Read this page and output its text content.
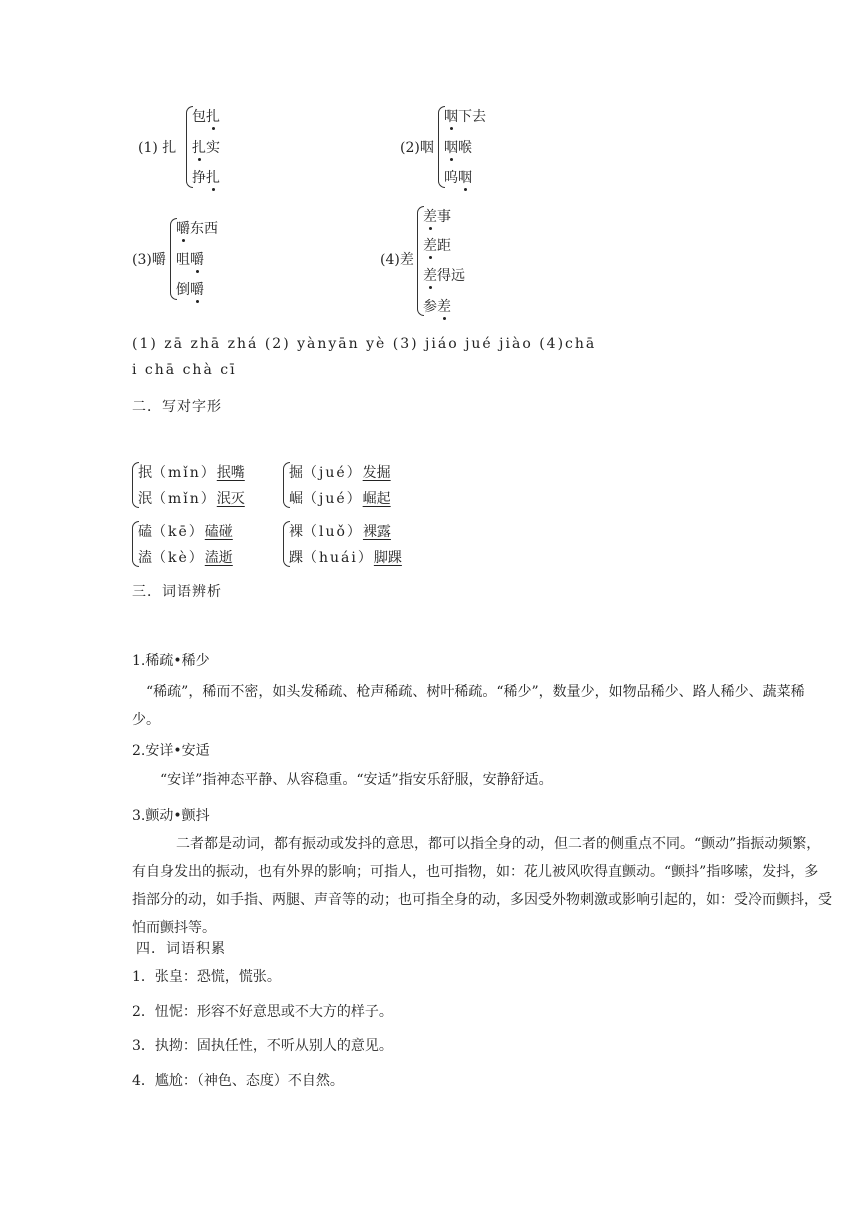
(1) 扎
包扎
扎实
挣扎
(2)咽
咽下去
咽喉
呜咽
(3)嚼
嚼东西
咀嚼
倒嚼
(4)差
差事
差距
差得远
参差
(1) zā zhā zhá (2) yànyān yè (3) jiáo jué jiào (4)chā
i chā chà cī
二．写对字形
抿（mǐn）抿嘴
泯（mǐn）泯灭
掘（jué）发掘
崛（jué）崛起
磕（kē）磕碰
溘（kè）溘逝
裸（luǒ）裸露
踝（huái）脚踝
三．词语辨析
1.稀疏•稀少
“稀疏”，稀而不密，如头发稀疏、枪声稀疏、树叶稀疏。“稀少”，数量少，如物品稀少、路人稀少、蔬菜稀少。
2.安详•安适
“安详”指神态平静、从容稳重。“安适”指安乐舒服，安静舒适。
3.颤动•颤抖
二者都是动词，都有振动或发抖的意思，都可以指全身的动，但二者的侧重点不同。“颤动”指振动频繁，有自身发出的振动，也有外界的影响；可指人，也可指物，如：花儿被风吹得直颤动。“颤抖”指哆嗦，发抖，多指部分的动，如手指、两腿、声音等的动；也可指全身的动，多因受外物刺激或影响引起的，如：受冷而颤抖，受怕而颤抖等。
四．词语积累
1．张皇：恐慌，慌张。
2．忸怩：形容不好意思或不大方的样子。
3．执拗：固执任性，不听从别人的意见。
4．尴尬：（神色、态度）不自然。
